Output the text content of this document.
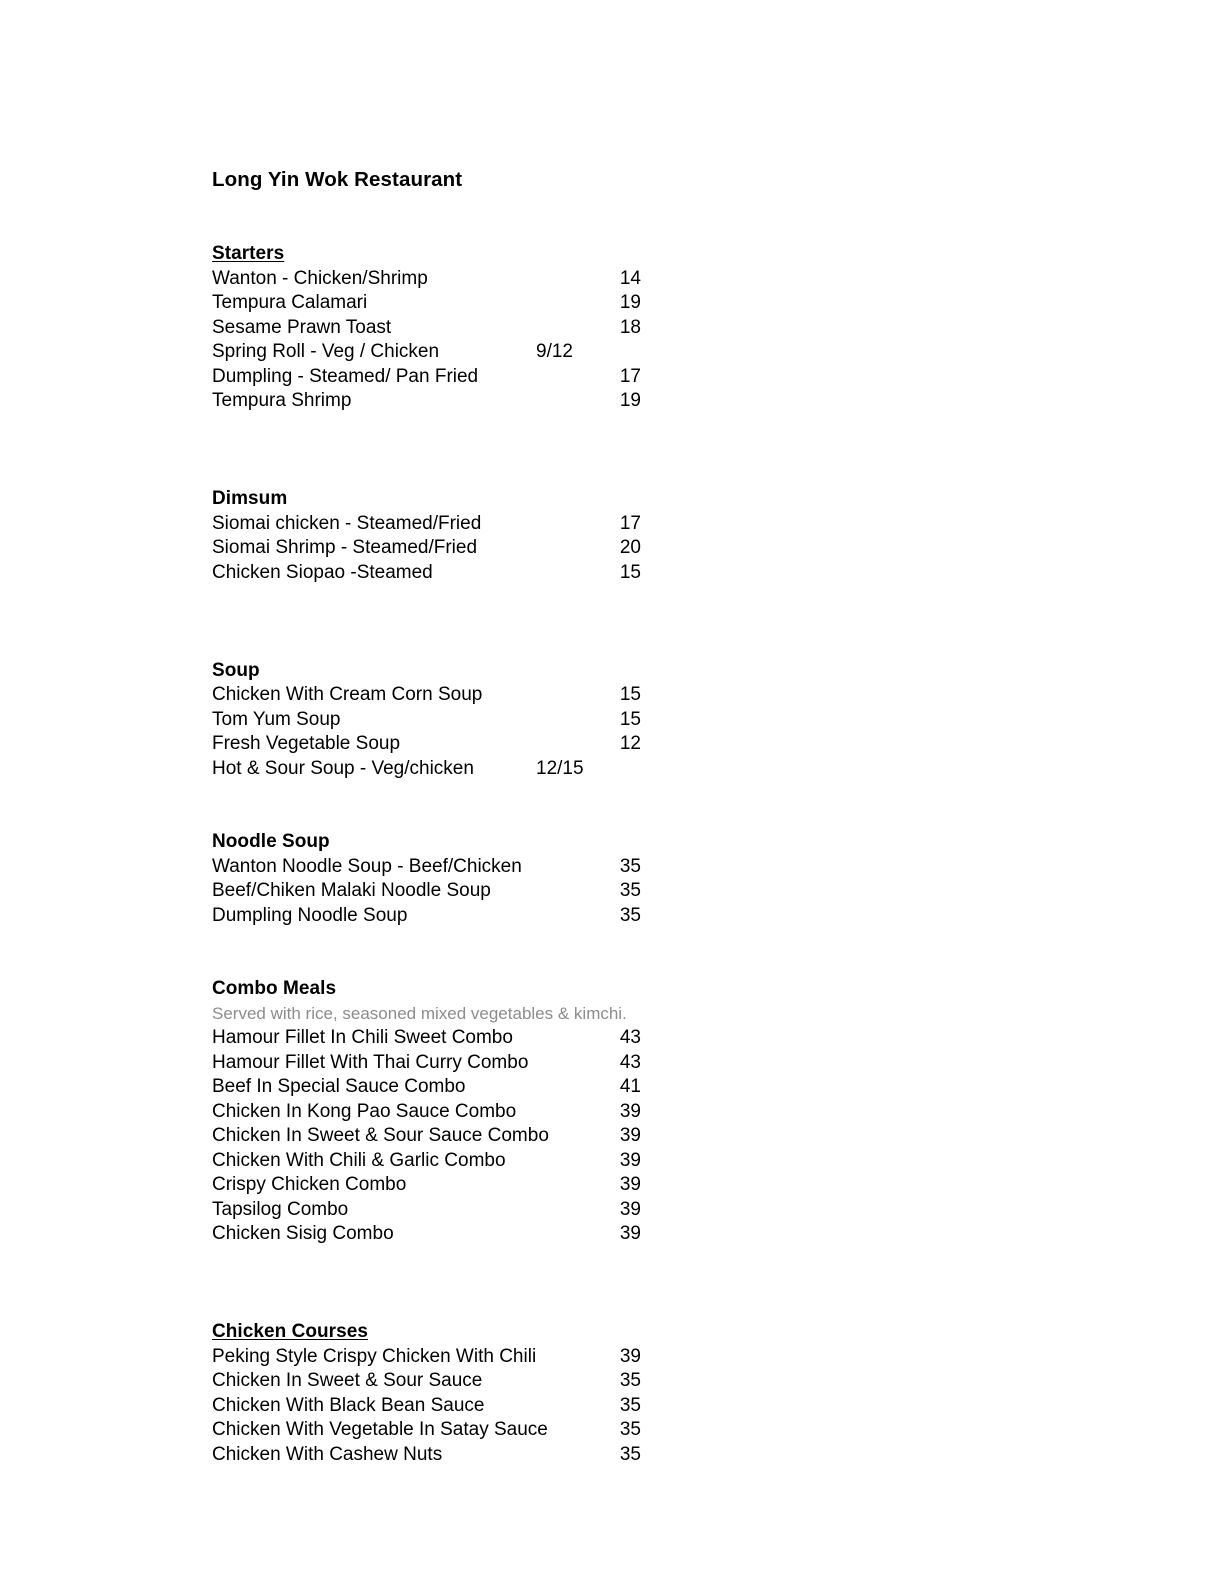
Long Yin Wok Restaurant
Starters
Wanton - Chicken/Shrimp	14
Tempura Calamari	19
Sesame Prawn Toast	18
Spring Roll - Veg / Chicken	9/12
Dumpling - Steamed/ Pan Fried	17
Tempura Shrimp	19
Dimsum
Siomai chicken - Steamed/Fried	17
Siomai Shrimp - Steamed/Fried	20
Chicken Siopao -Steamed	15
Soup
Chicken With Cream Corn Soup	15
Tom Yum Soup	15
Fresh Vegetable Soup	12
Hot & Sour Soup - Veg/chicken	12/15
Noodle Soup
Wanton Noodle Soup - Beef/Chicken	35
Beef/Chiken Malaki Noodle Soup	35
Dumpling Noodle Soup	35
Combo Meals
Served with rice, seasoned mixed vegetables & kimchi.
Hamour Fillet In Chili Sweet Combo	43
Hamour Fillet With Thai Curry Combo	43
Beef In Special Sauce Combo	41
Chicken In Kong Pao Sauce Combo	39
Chicken In Sweet & Sour Sauce Combo	39
Chicken With Chili & Garlic Combo	39
Crispy Chicken Combo	39
Tapsilog Combo	39
Chicken Sisig Combo	39
Chicken Courses
Peking Style Crispy Chicken With Chili	39
Chicken In Sweet & Sour Sauce	35
Chicken With Black Bean Sauce	35
Chicken With Vegetable In Satay Sauce	35
Chicken With Cashew Nuts	35
